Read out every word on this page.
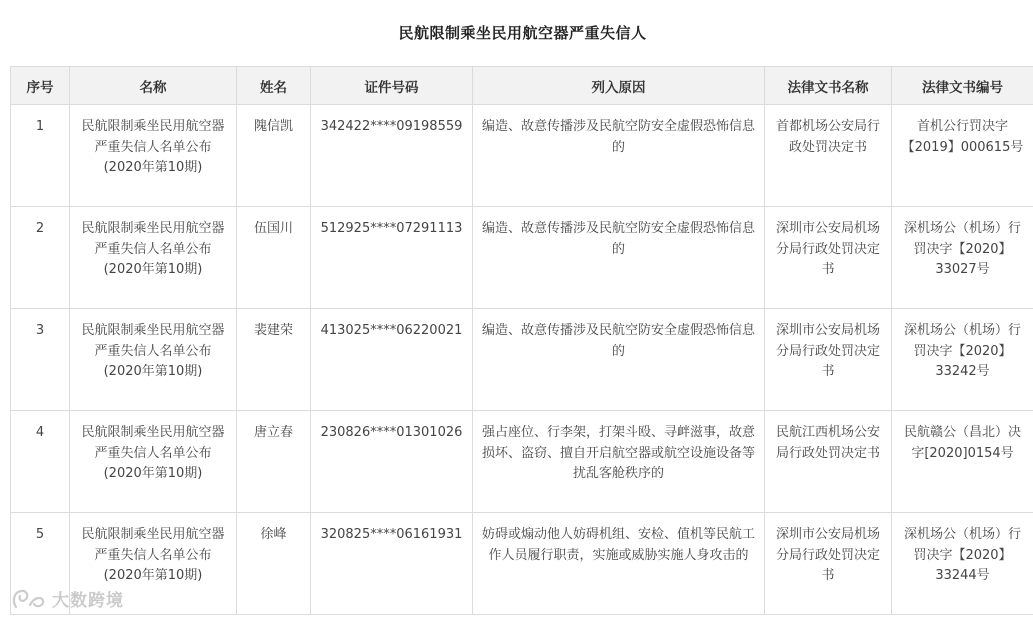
民航限制乘坐民用航空器严重失信人
序号	名称	姓名	证件号码	列入原因	法律文书名称	法律文书编号
1	民航限制乘坐民用航空器严重失信人名单公布(2020年第10期)	隗信凯	342422****09198559	编造、故意传播涉及民航空防安全虚假恐怖信息的	首都机场公安局行政处罚决定书	首机公行罚决字【2019】000615号
2	民航限制乘坐民用航空器严重失信人名单公布(2020年第10期)	伍国川	512925****07291113	编造、故意传播涉及民航空防安全虚假恐怖信息的	深圳市公安局机场分局行政处罚决定书	深机场公（机场）行罚决字【2020】33027号
3	民航限制乘坐民用航空器严重失信人名单公布(2020年第10期)	裴建荣	413025****06220021	编造、故意传播涉及民航空防安全虚假恐怖信息的	深圳市公安局机场分局行政处罚决定书	深机场公（机场）行罚决字【2020】33242号
4	民航限制乘坐民用航空器严重失信人名单公布(2020年第10期)	唐立春	230826****01301026	强占座位、行李架，打架斗殴、寻衅滋事，故意损坏、盗窃、擅自开启航空器或航空设施设备等扰乱客舱秩序的	民航江西机场公安局行政处罚决定书	民航赣公（昌北）决字[2020]0154号
5	民航限制乘坐民用航空器严重失信人名单公布(2020年第10期)	徐峰	320825****06161931	妨碍或煽动他人妨碍机组、安检、值机等民航工作人员履行职责，实施或威胁实施人身攻击的	深圳市公安局机场分局行政处罚决定书	深机场公（机场）行罚决字【2020】33244号
大数跨境
